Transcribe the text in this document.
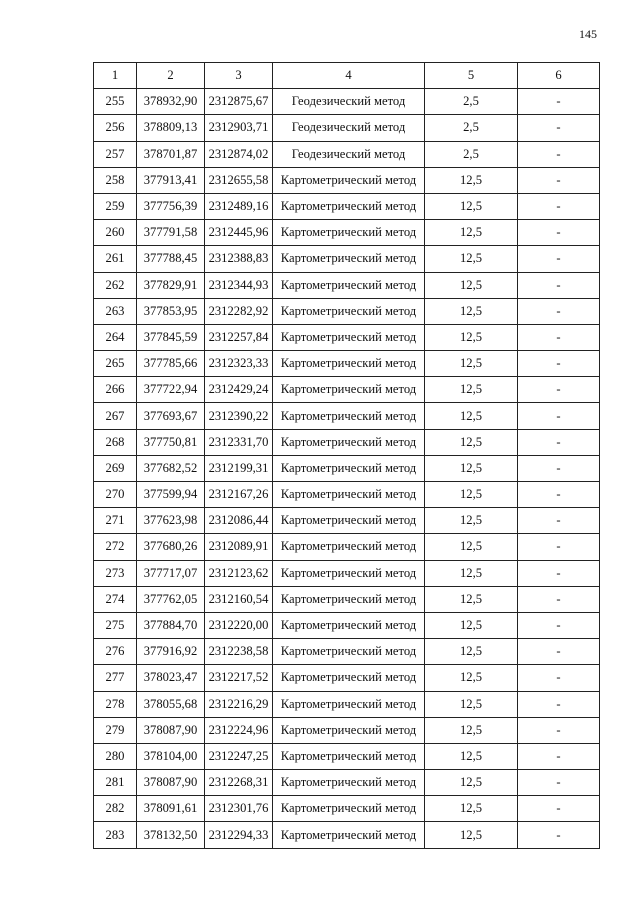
145
1	2	3	4	5	6
255	378932,90	2312875,67	Геодезический метод	2,5	-
256	378809,13	2312903,71	Геодезический метод	2,5	-
257	378701,87	2312874,02	Геодезический метод	2,5	-
258	377913,41	2312655,58	Картометрический метод	12,5	-
259	377756,39	2312489,16	Картометрический метод	12,5	-
260	377791,58	2312445,96	Картометрический метод	12,5	-
261	377788,45	2312388,83	Картометрический метод	12,5	-
262	377829,91	2312344,93	Картометрический метод	12,5	-
263	377853,95	2312282,92	Картометрический метод	12,5	-
264	377845,59	2312257,84	Картометрический метод	12,5	-
265	377785,66	2312323,33	Картометрический метод	12,5	-
266	377722,94	2312429,24	Картометрический метод	12,5	-
267	377693,67	2312390,22	Картометрический метод	12,5	-
268	377750,81	2312331,70	Картометрический метод	12,5	-
269	377682,52	2312199,31	Картометрический метод	12,5	-
270	377599,94	2312167,26	Картометрический метод	12,5	-
271	377623,98	2312086,44	Картометрический метод	12,5	-
272	377680,26	2312089,91	Картометрический метод	12,5	-
273	377717,07	2312123,62	Картометрический метод	12,5	-
274	377762,05	2312160,54	Картометрический метод	12,5	-
275	377884,70	2312220,00	Картометрический метод	12,5	-
276	377916,92	2312238,58	Картометрический метод	12,5	-
277	378023,47	2312217,52	Картометрический метод	12,5	-
278	378055,68	2312216,29	Картометрический метод	12,5	-
279	378087,90	2312224,96	Картометрический метод	12,5	-
280	378104,00	2312247,25	Картометрический метод	12,5	-
281	378087,90	2312268,31	Картометрический метод	12,5	-
282	378091,61	2312301,76	Картометрический метод	12,5	-
283	378132,50	2312294,33	Картометрический метод	12,5	-
